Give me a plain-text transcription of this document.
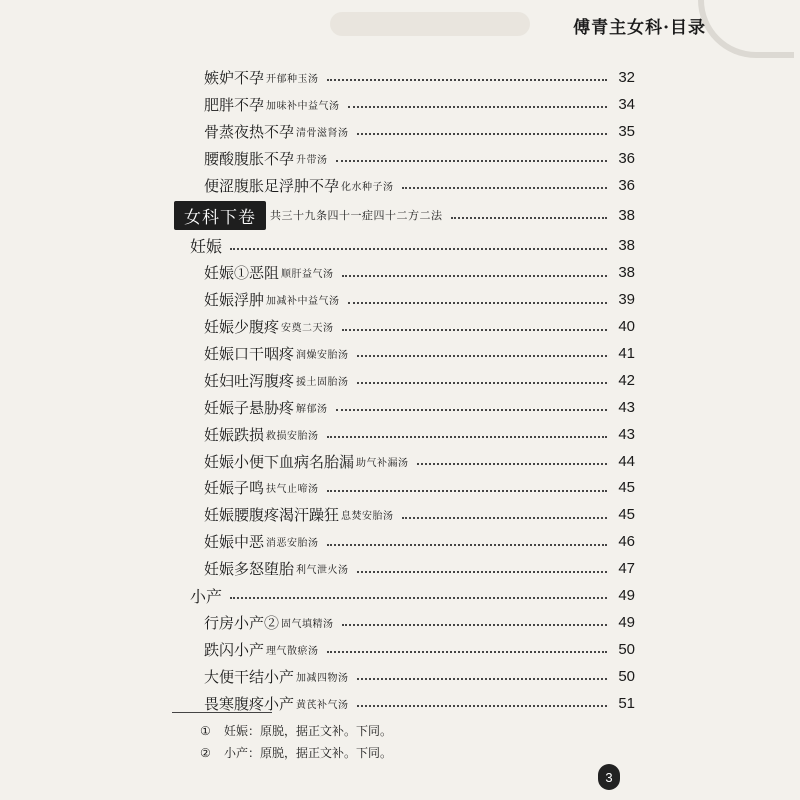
傅青主女科·目录
嫉妒不孕 开郁种玉汤	32
肥胖不孕 加味补中益气汤	34
骨蒸夜热不孕 清骨滋肾汤	35
腰酸腹胀不孕 升带汤	36
便涩腹胀足浮肿不孕 化水种子汤	36
女科下卷	共三十九条四十一症四十二方二法	38
妊娠	38
妊娠①恶阻 顺肝益气汤	38
妊娠浮肿 加减补中益气汤	39
妊娠少腹疼 安奠二天汤	40
妊娠口干咽疼 润燥安胎汤	41
妊妇吐泻腹疼 援土固胎汤	42
妊娠子悬胁疼 解郁汤	43
妊娠跌损 救损安胎汤	43
妊娠小便下血病名胎漏 助气补漏汤	44
妊娠子鸣 扶气止啼汤	45
妊娠腰腹疼渴汗躁狂 息焚安胎汤	45
妊娠中恶 消恶安胎汤	46
妊娠多怒堕胎 利气泄火汤	47
小产	49
行房小产② 固气填精汤	49
跌闪小产 理气散瘀汤	50
大便干结小产 加减四物汤	50
畏寒腹疼小产 黄芪补气汤	51
①	妊娠：原脱，据正文补。下同。
②	小产：原脱，据正文补。下同。
3
